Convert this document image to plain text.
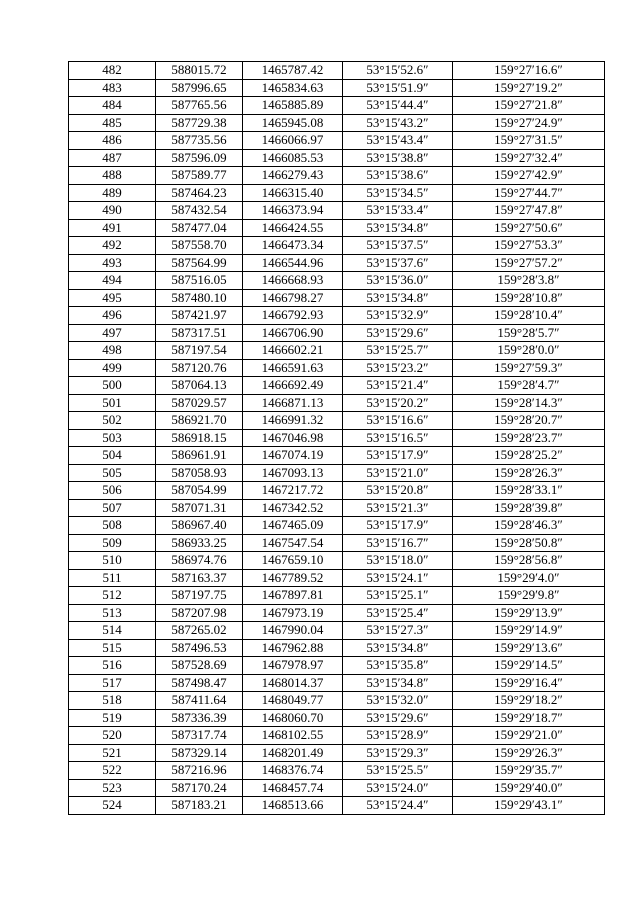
482	588015.72	1465787.42	53°15′52.6″	159°27′16.6″
483	587996.65	1465834.63	53°15′51.9″	159°27′19.2″
484	587765.56	1465885.89	53°15′44.4″	159°27′21.8″
485	587729.38	1465945.08	53°15′43.2″	159°27′24.9″
486	587735.56	1466066.97	53°15′43.4″	159°27′31.5″
487	587596.09	1466085.53	53°15′38.8″	159°27′32.4″
488	587589.77	1466279.43	53°15′38.6″	159°27′42.9″
489	587464.23	1466315.40	53°15′34.5″	159°27′44.7″
490	587432.54	1466373.94	53°15′33.4″	159°27′47.8″
491	587477.04	1466424.55	53°15′34.8″	159°27′50.6″
492	587558.70	1466473.34	53°15′37.5″	159°27′53.3″
493	587564.99	1466544.96	53°15′37.6″	159°27′57.2″
494	587516.05	1466668.93	53°15′36.0″	159°28′3.8″
495	587480.10	1466798.27	53°15′34.8″	159°28′10.8″
496	587421.97	1466792.93	53°15′32.9″	159°28′10.4″
497	587317.51	1466706.90	53°15′29.6″	159°28′5.7″
498	587197.54	1466602.21	53°15′25.7″	159°28′0.0″
499	587120.76	1466591.63	53°15′23.2″	159°27′59.3″
500	587064.13	1466692.49	53°15′21.4″	159°28′4.7″
501	587029.57	1466871.13	53°15′20.2″	159°28′14.3″
502	586921.70	1466991.32	53°15′16.6″	159°28′20.7″
503	586918.15	1467046.98	53°15′16.5″	159°28′23.7″
504	586961.91	1467074.19	53°15′17.9″	159°28′25.2″
505	587058.93	1467093.13	53°15′21.0″	159°28′26.3″
506	587054.99	1467217.72	53°15′20.8″	159°28′33.1″
507	587071.31	1467342.52	53°15′21.3″	159°28′39.8″
508	586967.40	1467465.09	53°15′17.9″	159°28′46.3″
509	586933.25	1467547.54	53°15′16.7″	159°28′50.8″
510	586974.76	1467659.10	53°15′18.0″	159°28′56.8″
511	587163.37	1467789.52	53°15′24.1″	159°29′4.0″
512	587197.75	1467897.81	53°15′25.1″	159°29′9.8″
513	587207.98	1467973.19	53°15′25.4″	159°29′13.9″
514	587265.02	1467990.04	53°15′27.3″	159°29′14.9″
515	587496.53	1467962.88	53°15′34.8″	159°29′13.6″
516	587528.69	1467978.97	53°15′35.8″	159°29′14.5″
517	587498.47	1468014.37	53°15′34.8″	159°29′16.4″
518	587411.64	1468049.77	53°15′32.0″	159°29′18.2″
519	587336.39	1468060.70	53°15′29.6″	159°29′18.7″
520	587317.74	1468102.55	53°15′28.9″	159°29′21.0″
521	587329.14	1468201.49	53°15′29.3″	159°29′26.3″
522	587216.96	1468376.74	53°15′25.5″	159°29′35.7″
523	587170.24	1468457.74	53°15′24.0″	159°29′40.0″
524	587183.21	1468513.66	53°15′24.4″	159°29′43.1″
